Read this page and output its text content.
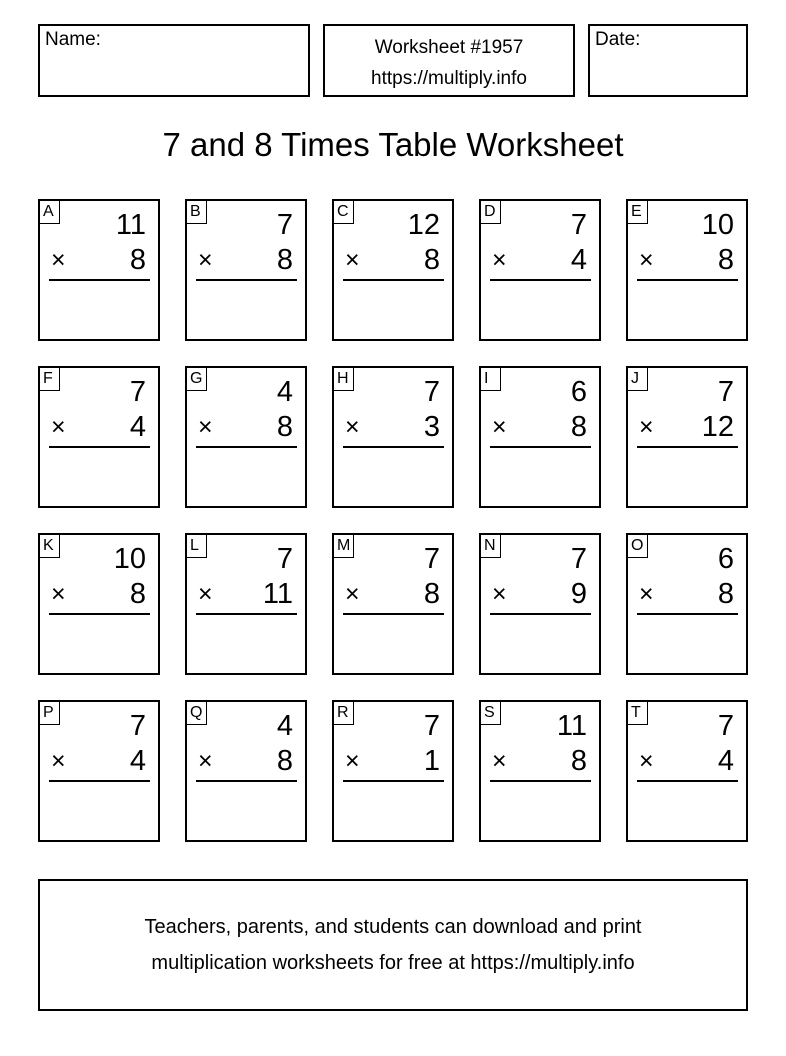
Name:	Worksheet #1957
https://multiply.info
Date:
7 and 8 Times Table Worksheet
A 11
× 8
B	7
× 8
C 12
× 8
D	7
× 4
E 10
× 8
F	7
× 4
G	4
× 8
H	7
× 3
I	6
× 8
J	7
× 12
K 10
× 8
L	7
× 11
M	7
× 8
N	7
× 9
O	6
× 8
P	7
× 4
Q	4
× 8
R	7
× 1
S 11
× 8
T	7
× 4
Teachers, parents, and students can download and print
multiplication worksheets for free at https://multiply.info
